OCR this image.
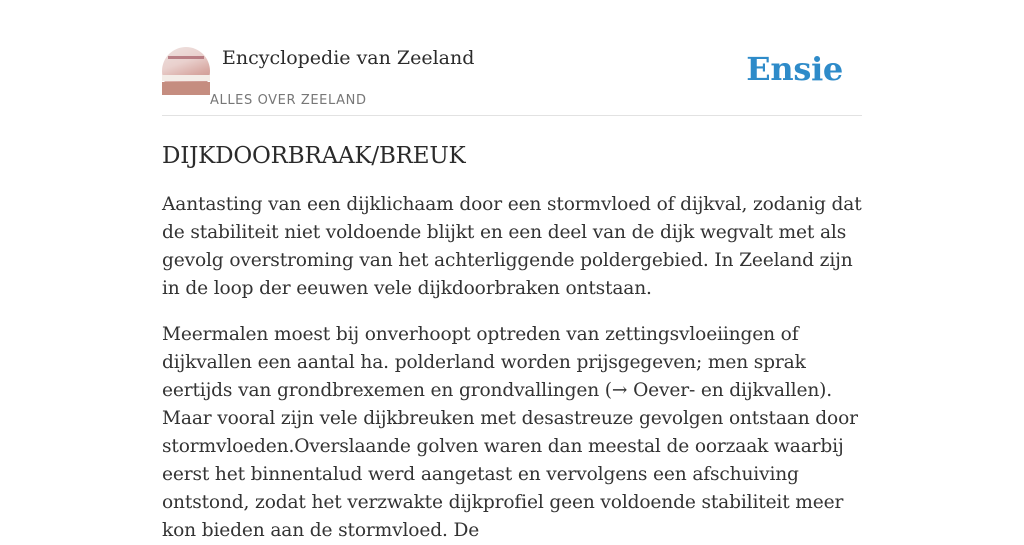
Encyclopedie van Zeeland
ALLES OVER ZEELAND
Ensie
DIJKDOORBRAAK/BREUK

Aantasting van een dijklichaam door een stormvloed of dijkval, zodanig dat de stabiliteit niet voldoende blijkt en een deel van de dijk wegvalt met als gevolg overstroming van het achterliggende poldergebied. In Zeeland zijn in de loop der eeuwen vele dijkdoorbraken ontstaan.

Meermalen moest bij onverhoopt optreden van zettingsvloeiingen of dijkvallen een aantal ha. polderland worden prijsgegeven; men sprak eertijds van grondbrexemen en grondvallingen (→ Oever- en dijkvallen). Maar vooral zijn vele dijkbreuken met desastreuze gevolgen ontstaan door stormvloeden.Overslaande golven waren dan meestal de oorzaak waarbij eerst het binnentalud werd aangetast en vervolgens een afschuiving ontstond, zodat het verzwakte dijkprofiel geen voldoende stabiliteit meer kon bieden aan de stormvloed. De
